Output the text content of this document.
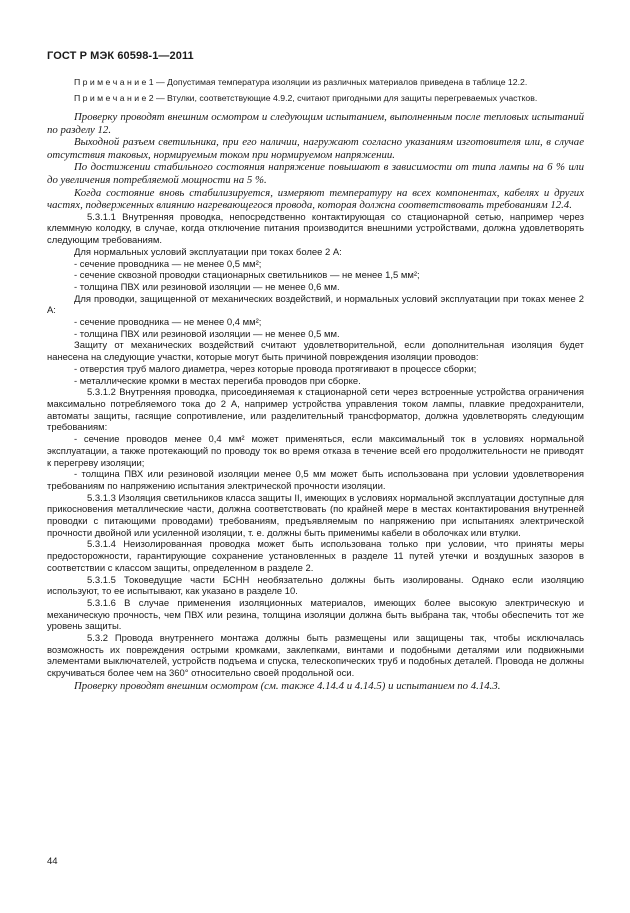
ГОСТ Р МЭК 60598-1—2011

П р и м е ч а н и е 1 — Допустимая температура изоляции из различных материалов приведена в таблице 12.2.

П р и м е ч а н и е 2 — Втулки, соответствующие 4.9.2, считают пригодными для защиты перегреваемых участков.

Проверку проводят внешним осмотром и следующим испытанием, выполненным после тепловых испытаний по разделу 12.

Выходной разъем светильника, при его наличии, нагружают согласно указаниям изготовителя или, в случае отсутствия таковых, нормируемым током при нормируемом напряжении.

По достижении стабильного состояния напряжение повышают в зависимости от типа лампы на 6 % или до увеличения потребляемой мощности на 5 %.

Когда состояние вновь стабилизируется, измеряют температуру на всех компонентах, кабелях и других частях, подверженных влиянию нагревающегося провода, которая должна соответствовать требованиям 12.4.

5.3.1.1 Внутренняя проводка, непосредственно контактирующая со стационарной сетью, например через клеммную колодку, в случае, когда отключение питания производится внешними устройствами, должна удовлетворять следующим требованиям.

Для нормальных условий эксплуатации при токах более 2 А:

- сечение проводника — не менее 0,5 мм²;

- сечение сквозной проводки стационарных светильников — не менее 1,5 мм²;

- толщина ПВХ или резиновой изоляции — не менее 0,6 мм.

Для проводки, защищенной от механических воздействий, и нормальных условий эксплуатации при токах менее 2 А:

- сечение проводника — не менее 0,4 мм²;

- толщина ПВХ или резиновой изоляции — не менее 0,5 мм.

Защиту от механических воздействий считают удовлетворительной, если дополнительная изоляция будет нанесена на следующие участки, которые могут быть причиной повреждения изоляции проводов:

- отверстия труб малого диаметра, через которые провода протягивают в процессе сборки;

- металлические кромки в местах перегиба проводов при сборке.

5.3.1.2 Внутренняя проводка, присоединяемая к стационарной сети через встроенные устройства ограничения максимально потребляемого тока до 2 А, например устройства управления током лампы, плавкие предохранители, автоматы защиты, гасящие сопротивление, или разделительный трансформатор, должна удовлетворять следующим требованиям:

- сечение проводов менее 0,4 мм² может применяться, если максимальный ток в условиях нормальной эксплуатации, а также протекающий по проводу ток во время отказа в течение всей его продолжительности не приводят к перегреву изоляции;

- толщина ПВХ или резиновой изоляции менее 0,5 мм может быть использована при условии удовлетворения требованиям по напряжению испытания электрической прочности изоляции.

5.3.1.3 Изоляция светильников класса защиты II, имеющих в условиях нормальной эксплуатации доступные для прикосновения металлические части, должна соответствовать (по крайней мере в местах контактирования внутренней проводки с питающими проводами) требованиям, предъявляемым по напряжению при испытаниях электрической прочности двойной или усиленной изоляции, т. е. должны быть применимы кабели в оболочках или втулки.

5.3.1.4 Неизолированная проводка может быть использована только при условии, что приняты меры предосторожности, гарантирующие сохранение установленных в разделе 11 путей утечки и воздушных зазоров в соответствии с классом защиты, определенном в разделе 2.

5.3.1.5 Токоведущие части БСНН необязательно должны быть изолированы. Однако если изоляцию используют, то ее испытывают, как указано в разделе 10.

5.3.1.6 В случае применения изоляционных материалов, имеющих более высокую электрическую и механическую прочность, чем ПВХ или резина, толщина изоляции должна быть выбрана так, чтобы обеспечить тот же уровень защиты.

5.3.2 Провода внутреннего монтажа должны быть размещены или защищены так, чтобы исключалась возможность их повреждения острыми кромками, заклепками, винтами и подобными деталями или подвижными элементами выключателей, устройств подъема и спуска, телескопических труб и подобных деталей. Провода не должны скручиваться более чем на 360° относительно своей продольной оси.

Проверку проводят внешним осмотром (см. также 4.14.4 и 4.14.5) и испытанием по 4.14.3.

44
